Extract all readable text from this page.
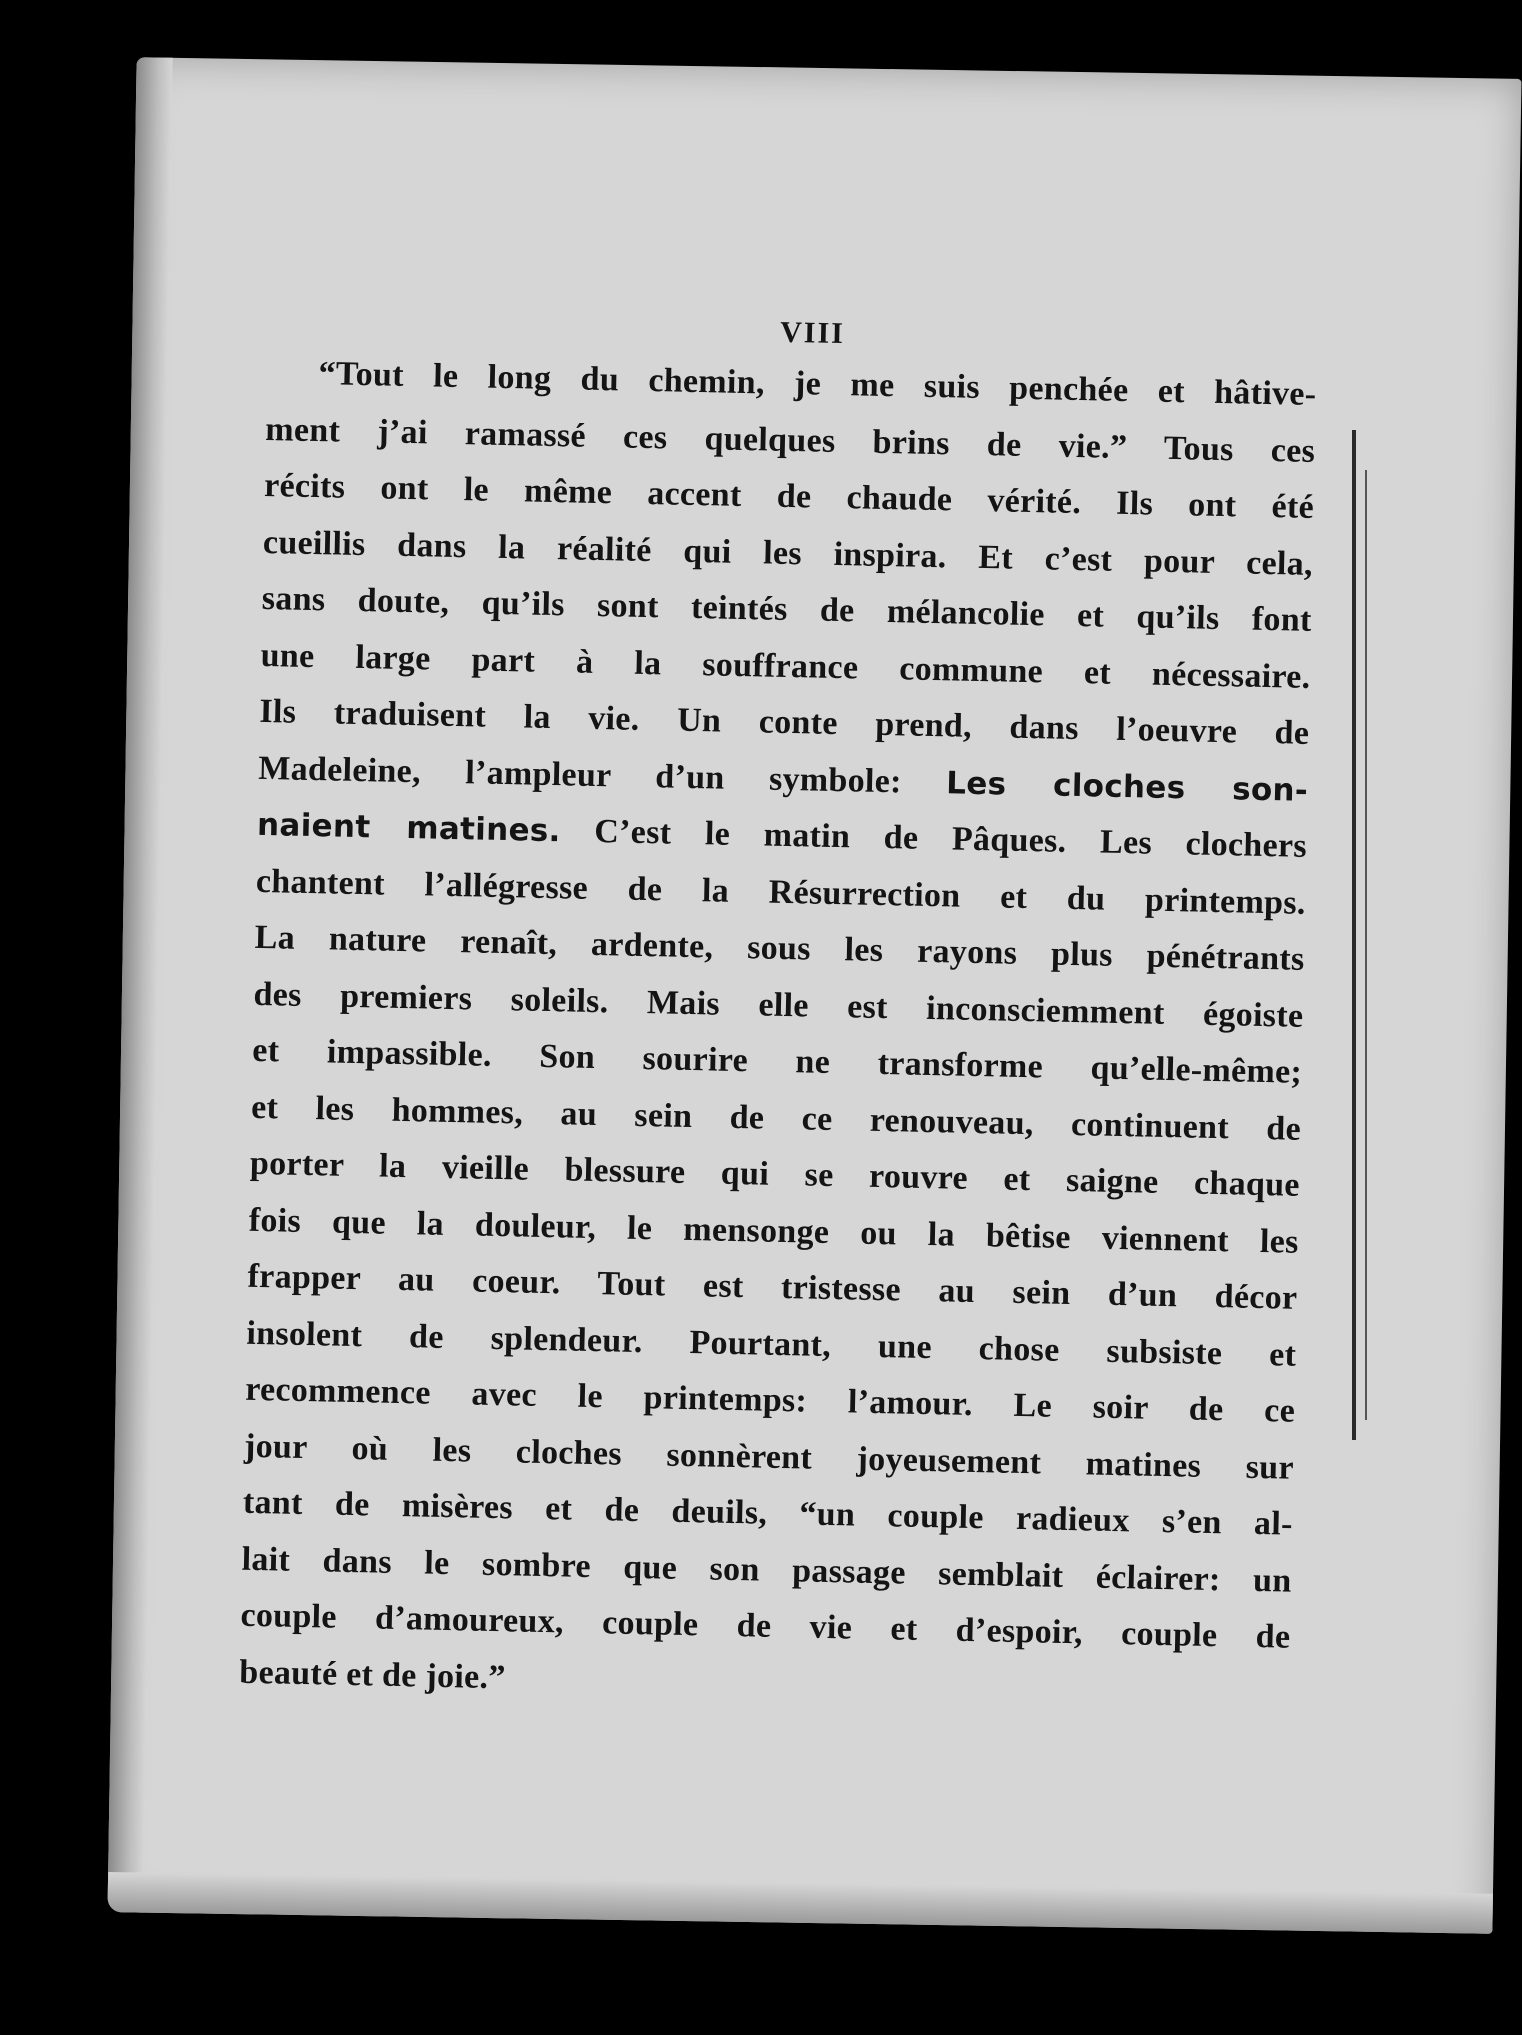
VIII
“Tout le long du chemin, je me suis penchée et hâtive-
ment j’ai ramassé ces quelques brins de vie.” Tous ces
récits ont le même accent de chaude vérité. Ils ont été
cueillis dans la réalité qui les inspira. Et c’est pour cela,
sans doute, qu’ils sont teintés de mélancolie et qu’ils font
une large part à la souffrance commune et nécessaire.
Ils traduisent la vie. Un conte prend, dans l’oeuvre de
Madeleine, l’ampleur d’un symbole: Les cloches son-
naient matines. C’est le matin de Pâques. Les clochers
chantent l’allégresse de la Résurrection et du printemps.
La nature renaît, ardente, sous les rayons plus pénétrants
des premiers soleils. Mais elle est inconsciemment égoiste
et impassible. Son sourire ne transforme qu’elle-même;
et les hommes, au sein de ce renouveau, continuent de
porter la vieille blessure qui se rouvre et saigne chaque
fois que la douleur, le mensonge ou la bêtise viennent les
frapper au coeur. Tout est tristesse au sein d’un décor
insolent de splendeur. Pourtant, une chose subsiste et
recommence avec le printemps: l’amour. Le soir de ce
jour où les cloches sonnèrent joyeusement matines sur
tant de misères et de deuils, “un couple radieux s’en al-
lait dans le sombre que son passage semblait éclairer: un
couple d’amoureux, couple de vie et d’espoir, couple de
beauté et de joie.”
